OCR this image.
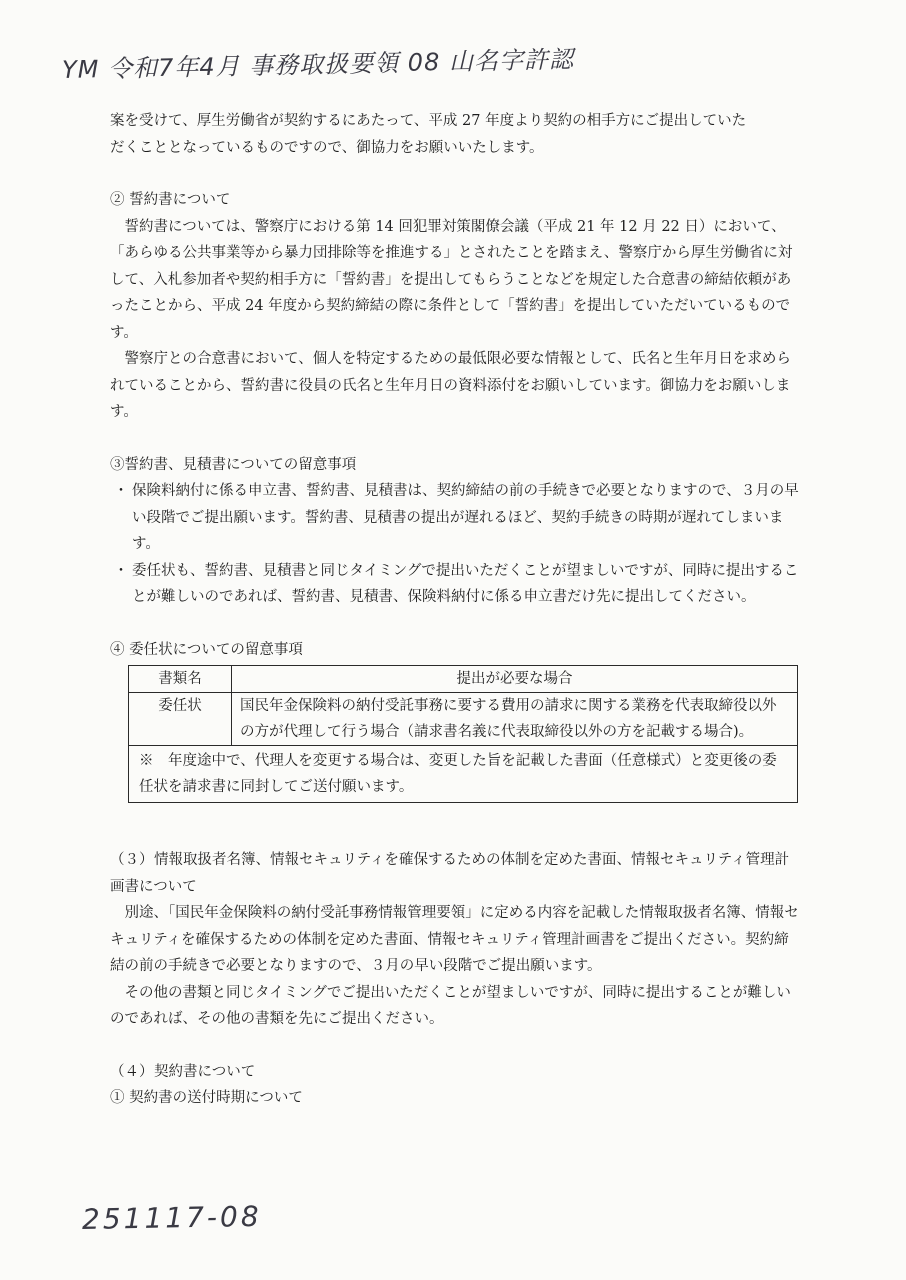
YM 令和7年4月 事務取扱要領 08 山名字許認

案を受けて、厚生労働省が契約するにあたって、平成 27 年度より契約の相手方にご提出していた

だくこととなっているものですので、御協力をお願いいたします。

② 誓約書について

誓約書については、警察庁における第 14 回犯罪対策閣僚会議（平成 21 年 12 月 22 日）において、「あらゆる公共事業等から暴力団排除等を推進する」とされたことを踏まえ、警察庁から厚生労働省に対して、入札参加者や契約相手方に「誓約書」を提出してもらうことなどを規定した合意書の締結依頼があったことから、平成 24 年度から契約締結の際に条件として「誓約書」を提出していただいているものです。

警察庁との合意書において、個人を特定するための最低限必要な情報として、氏名と生年月日を求められていることから、誓約書に役員の氏名と生年月日の資料添付をお願いしています。御協力をお願いします。

③誓約書、見積書についての留意事項

・ 保険料納付に係る申立書、誓約書、見積書は、契約締結の前の手続きで必要となりますので、３月の早い段階でご提出願います。誓約書、見積書の提出が遅れるほど、契約手続きの時期が遅れてしまいます。
・ 委任状も、誓約書、見積書と同じタイミングで提出いただくことが望ましいですが、同時に提出することが難しいのであれば、誓約書、見積書、保険料納付に係る申立書だけ先に提出してください。

④ 委任状についての留意事項

書類名	提出が必要な場合
委任状	国民年金保険料の納付受託事務に要する費用の請求に関する業務を代表取締役以外の方が代理して行う場合（請求書名義に代表取締役以外の方を記載する場合)。
※　年度途中で、代理人を変更する場合は、変更した旨を記載した書面（任意様式）と変更後の委任状を請求書に同封してご送付願います。	

（３）情報取扱者名簿、情報セキュリティを確保するための体制を定めた書面、情報セキュリティ管理計画書について

別途、「国民年金保険料の納付受託事務情報管理要領」に定める内容を記載した情報取扱者名簿、情報セキュリティを確保するための体制を定めた書面、情報セキュリティ管理計画書をご提出ください。契約締結の前の手続きで必要となりますので、３月の早い段階でご提出願います。

その他の書類と同じタイミングでご提出いただくことが望ましいですが、同時に提出することが難しいのであれば、その他の書類を先にご提出ください。

（４）契約書について

① 契約書の送付時期について

251117-08
